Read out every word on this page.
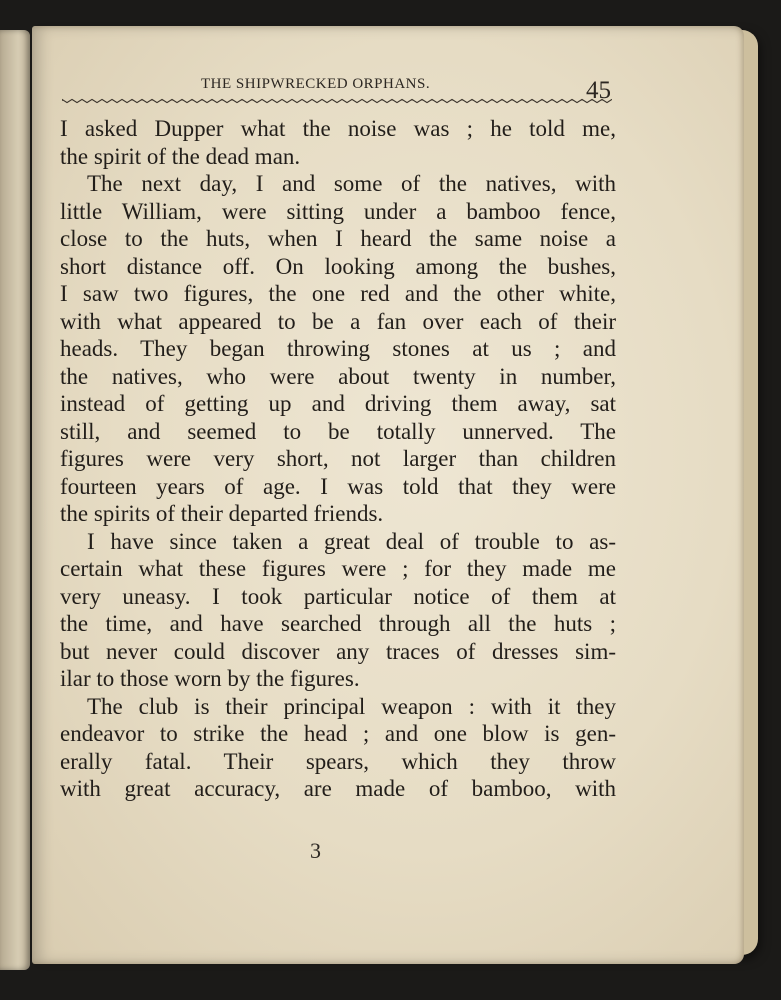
THE SHIPWRECKED ORPHANS.	45
I asked Dupper what the noise was ; he told me,
the spirit of the dead man.
The next day, I and some of the natives, with
little William, were sitting under a bamboo fence,
close to the huts, when I heard the same noise a
short distance off. On looking among the bushes,
I saw two figures, the one red and the other white,
with what appeared to be a fan over each of their
heads. They began throwing stones at us ; and
the natives, who were about twenty in number,
instead of getting up and driving them away, sat
still, and seemed to be totally unnerved. The
figures were very short, not larger than children
fourteen years of age. I was told that they were
the spirits of their departed friends.
I have since taken a great deal of trouble to as-
certain what these figures were ; for they made me
very uneasy. I took particular notice of them at
the time, and have searched through all the huts ;
but never could discover any traces of dresses sim-
ilar to those worn by the figures.
The club is their principal weapon : with it they
endeavor to strike the head ; and one blow is gen-
erally fatal. Their spears, which they throw
with great accuracy, are made of bamboo, with
3
